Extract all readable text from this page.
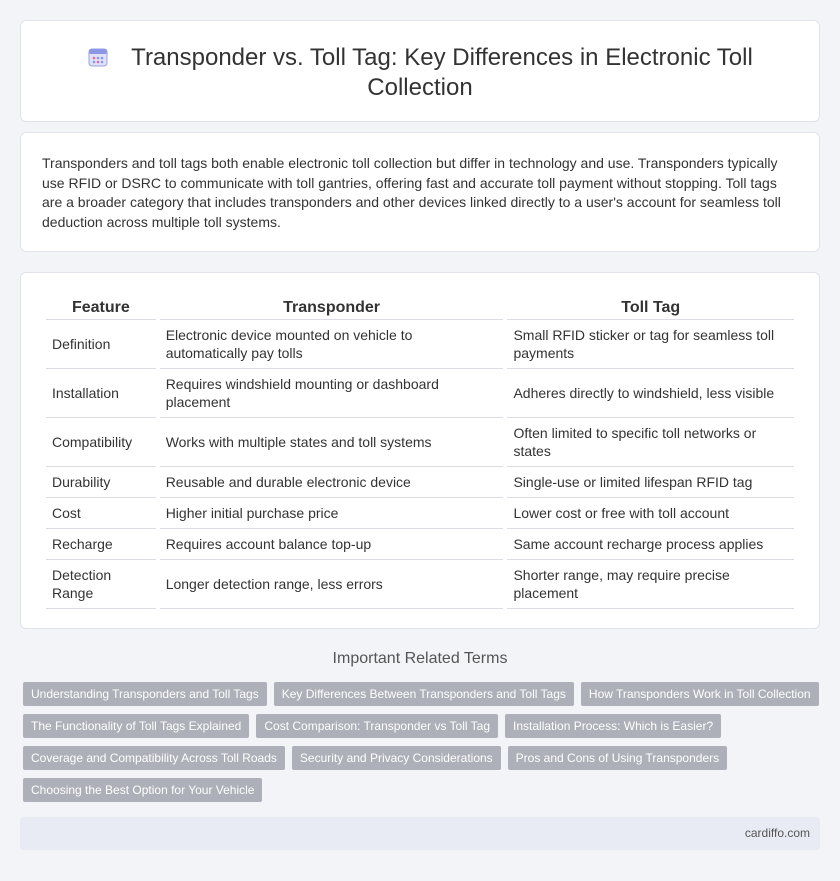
Transponder vs. Toll Tag: Key Differences in Electronic Toll Collection

Transponders and toll tags both enable electronic toll collection but differ in technology and use. Transponders typically use RFID or DSRC to communicate with toll gantries, offering fast and accurate toll payment without stopping. Toll tags are a broader category that includes transponders and other devices linked directly to a user's account for seamless toll deduction across multiple toll systems.

Feature	Transponder	Toll Tag
Definition	Electronic device mounted on vehicle to automatically pay tolls	Small RFID sticker or tag for seamless toll payments
Installation	Requires windshield mounting or dashboard placement	Adheres directly to windshield, less visible
Compatibility	Works with multiple states and toll systems	Often limited to specific toll networks or states
Durability	Reusable and durable electronic device	Single-use or limited lifespan RFID tag
Cost	Higher initial purchase price	Lower cost or free with toll account
Recharge	Requires account balance top-up	Same account recharge process applies
Detection Range	Longer detection range, less errors	Shorter range, may require precise placement
Important Related Terms
Understanding Transponders and Toll Tags	Key Differences Between Transponders and Toll Tags	How Transponders Work in Toll Collection
The Functionality of Toll Tags Explained	Cost Comparison: Transponder vs Toll Tag	Installation Process: Which is Easier?
Coverage and Compatibility Across Toll Roads	Security and Privacy Considerations	Pros and Cons of Using Transponders
Choosing the Best Option for Your Vehicle
cardiffo.com
